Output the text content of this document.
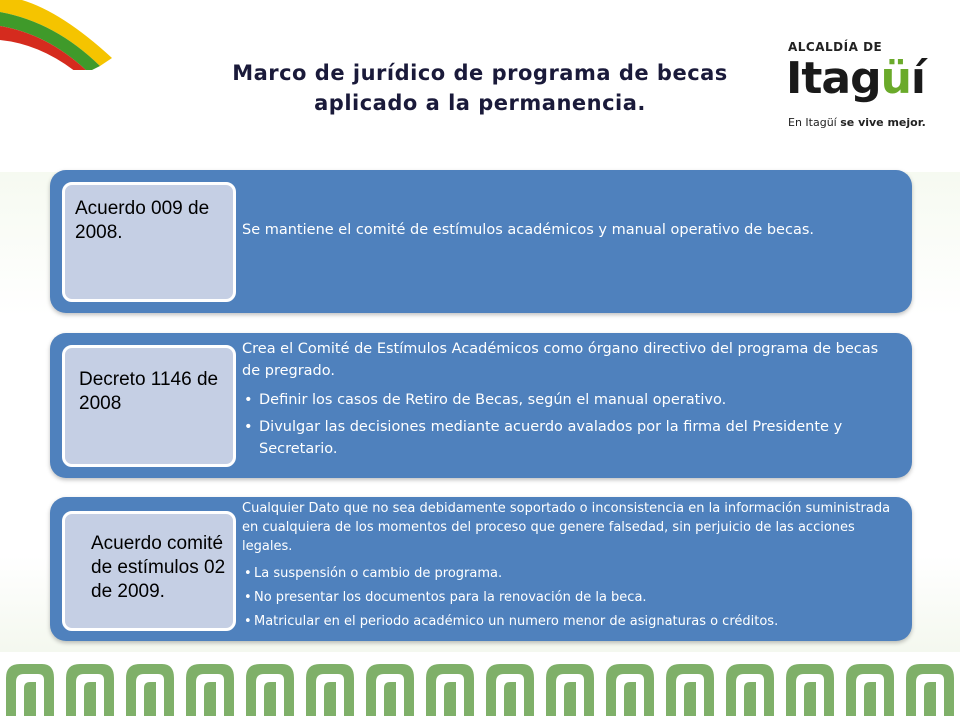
Marco de jurídico de programa de becas
aplicado a la permanencia.
ALCALDÍA DE
Itagüí
En Itagüí se vive mejor.
Acuerdo 009 de 2008.	Se mantiene el comité de estímulos académicos y manual operativo de becas.

Decreto 1146 de 2008

Crea el Comité de Estímulos Académicos como órgano directivo del programa de becas de pregrado.

• Definir los casos de Retiro de Becas, según el manual operativo.
• Divulgar las decisiones mediante acuerdo avalados por la firma del Presidente y Secretario.
Acuerdo comité de estímulos 02 de 2009.

Cualquier Dato que no sea debidamente soportado o inconsistencia en la información suministrada en cualquiera de los momentos del proceso que genere falsedad, sin perjuicio de las acciones legales.

• La suspensión o cambio de programa.
• No presentar los documentos para la renovación de la beca.
• Matricular en el periodo académico un numero menor de asignaturas o créditos.
